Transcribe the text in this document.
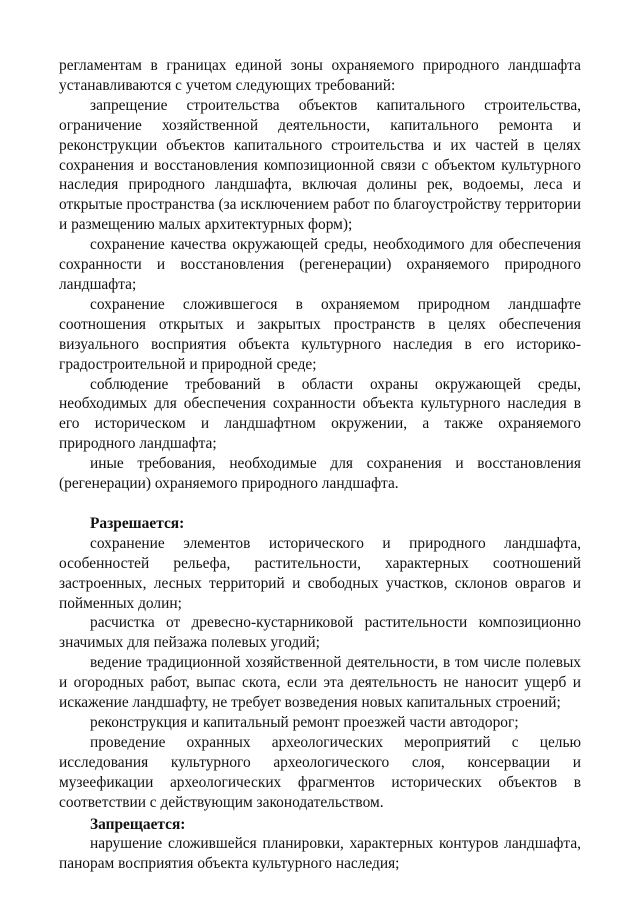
регламентам в границах единой зоны охраняемого природного ландшафта устанавливаются с учетом следующих требований:

запрещение строительства объектов капитального строительства, ограничение хозяйственной деятельности, капитального ремонта и реконструкции объектов капитального строительства и их частей в целях сохранения и восстановления композиционной связи с объектом культурного наследия природного ландшафта, включая долины рек, водоемы, леса и открытые пространства (за исключением работ по благоустройству территории и размещению малых архитектурных форм);

сохранение качества окружающей среды, необходимого для обеспечения сохранности и восстановления (регенерации) охраняемого природного ландшафта;

сохранение сложившегося в охраняемом природном ландшафте соотношения открытых и закрытых пространств в целях обеспечения визуального восприятия объекта культурного наследия в его историко-градостроительной и природной среде;

соблюдение требований в области охраны окружающей среды, необходимых для обеспечения сохранности объекта культурного наследия в его историческом и ландшафтном окружении, а также охраняемого природного ландшафта;

иные требования, необходимые для сохранения и восстановления (регенерации) охраняемого природного ландшафта.

Разрешается:

сохранение элементов исторического и природного ландшафта, особенностей рельефа, растительности, характерных соотношений застроенных, лесных территорий и свободных участков, склонов оврагов и пойменных долин;

расчистка от древесно-кустарниковой растительности композиционно значимых для пейзажа полевых угодий;

ведение традиционной хозяйственной деятельности, в том числе полевых и огородных работ, выпас скота, если эта деятельность не наносит ущерб и искажение ландшафту, не требует возведения новых капитальных строений;

реконструкция и капитальный ремонт проезжей части автодорог;

проведение охранных археологических мероприятий с целью исследования культурного археологического слоя, консервации и музеефикации археологических фрагментов исторических объектов в соответствии с действующим законодательством.

Запрещается:

нарушение сложившейся планировки, характерных контуров ландшафта, панорам восприятия объекта культурного наследия;
